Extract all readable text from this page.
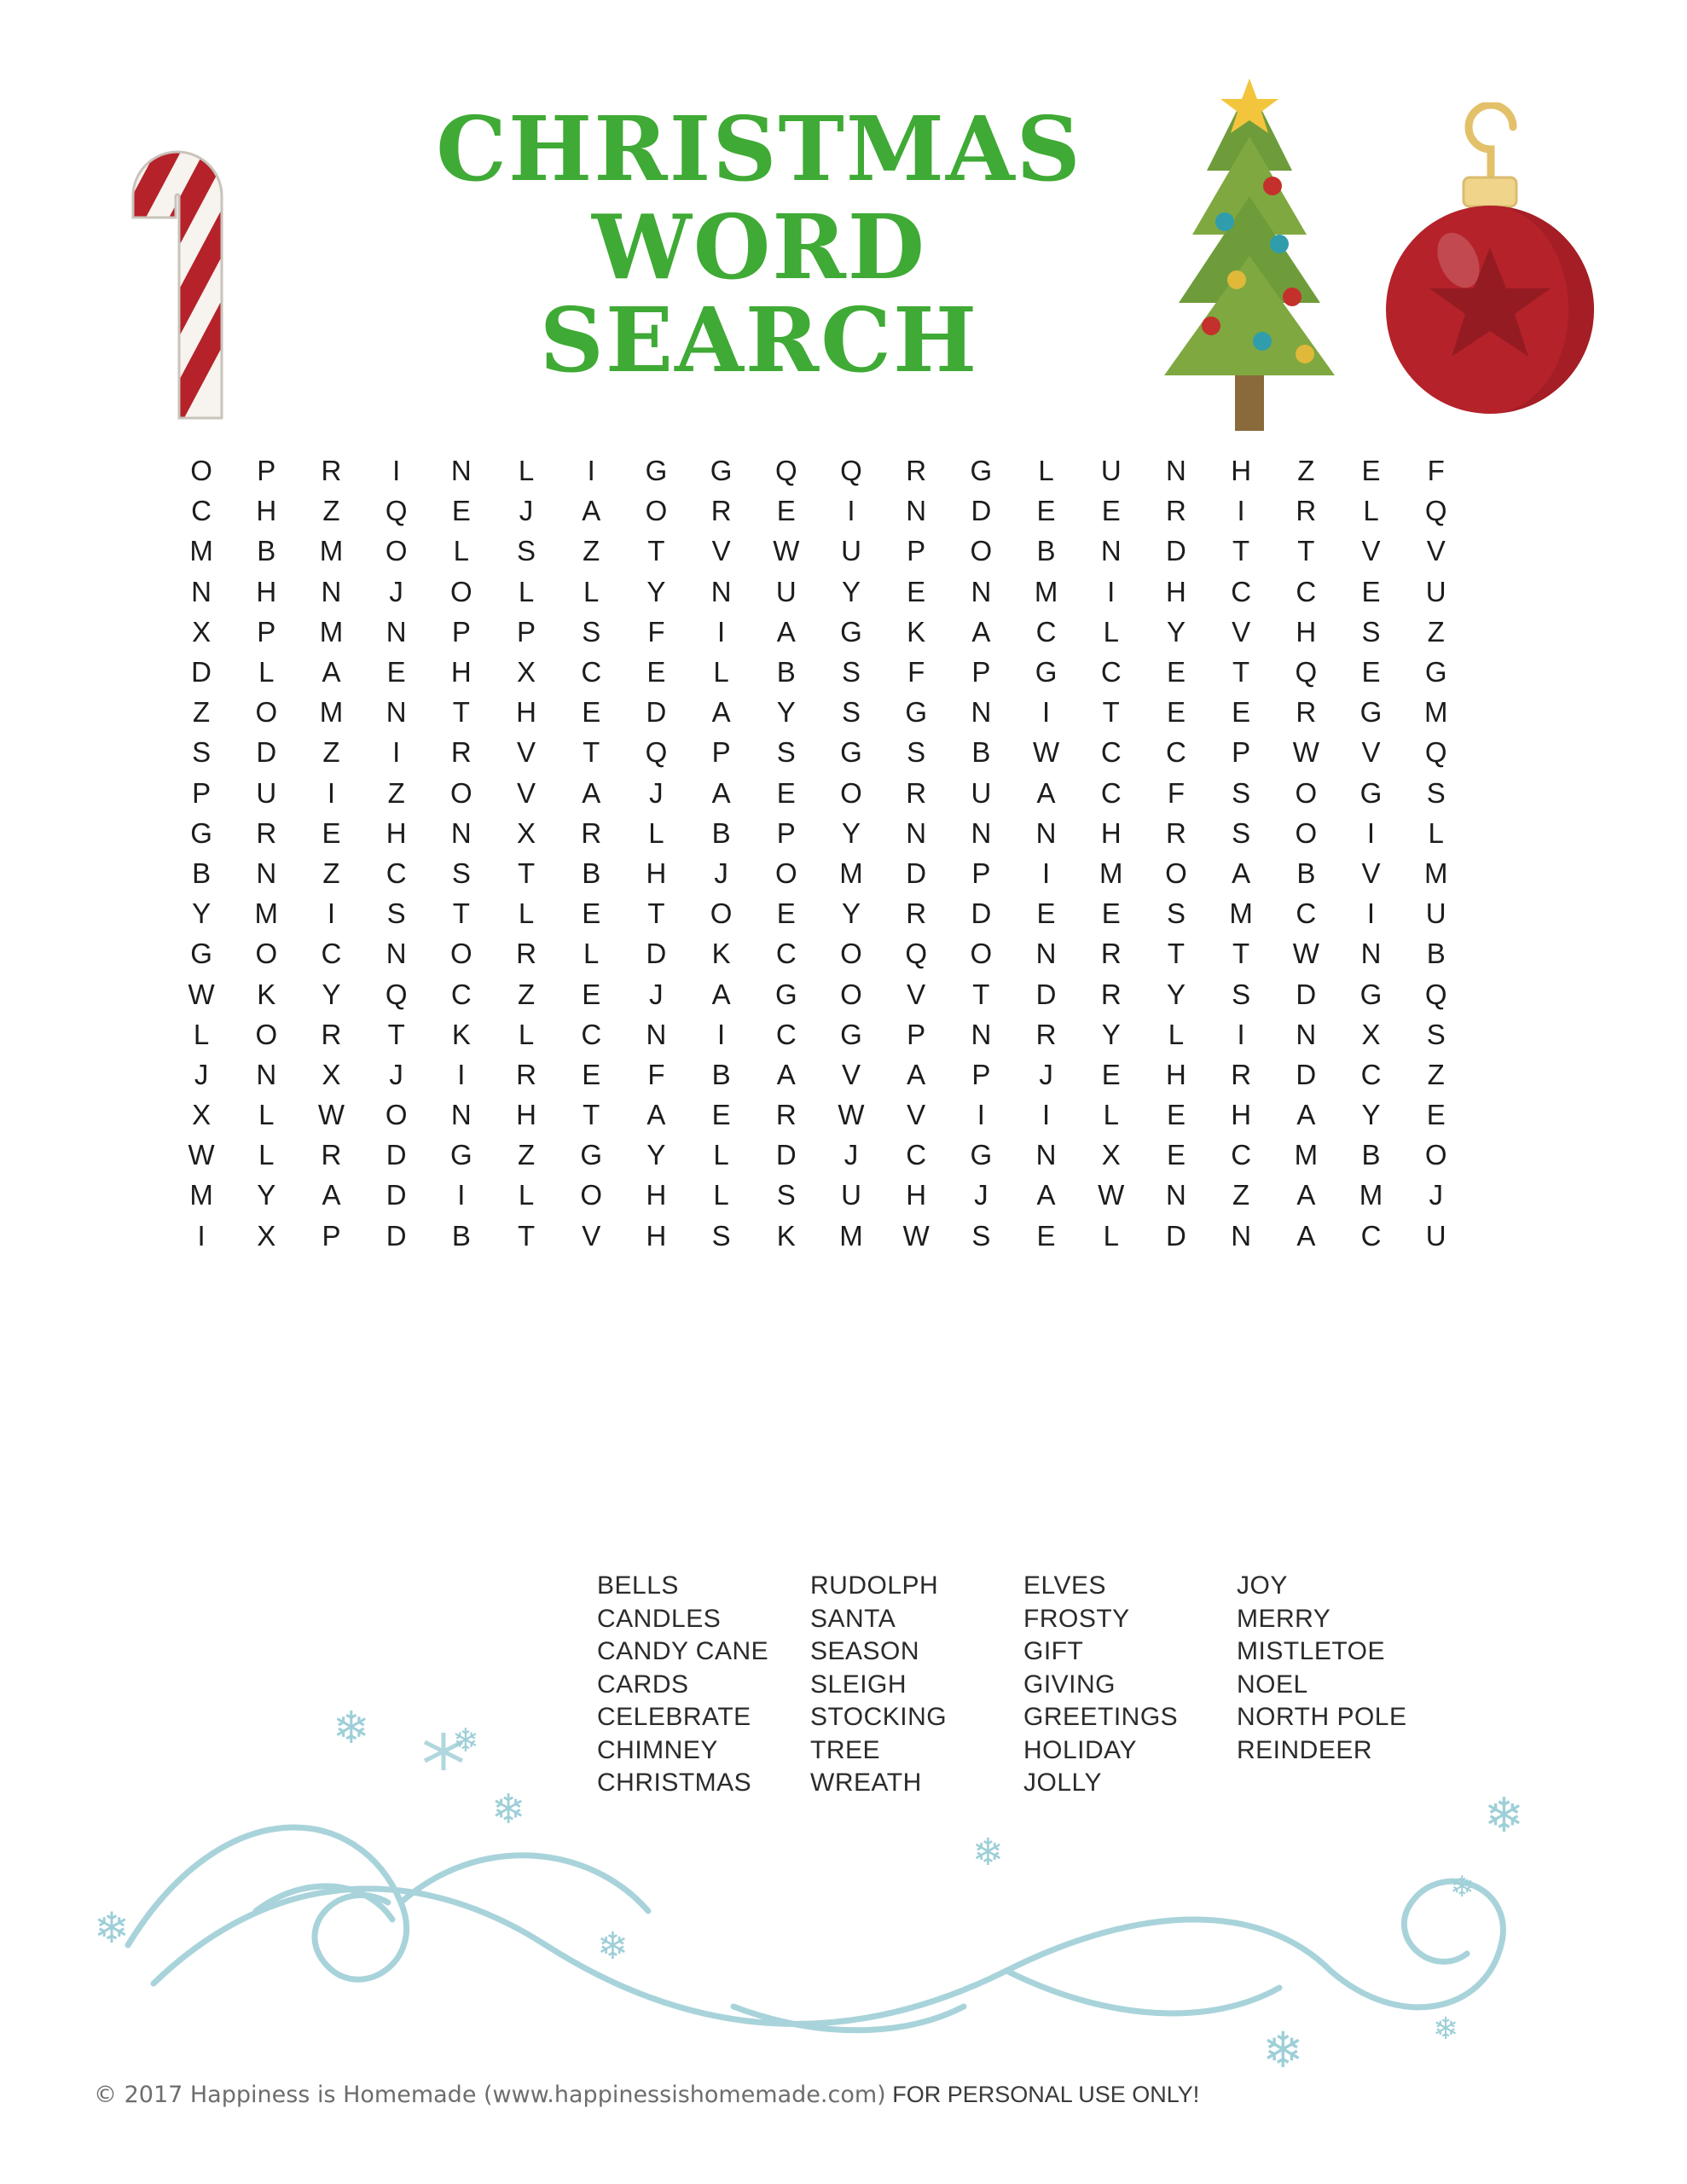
CHRISTMAS
WORD SEARCH
O	P	R	I	N	L	I	G	G	Q	Q	R	G	L	U	N	H	Z	E	F
C	H	Z	Q	E	J	A	O	R	E	I	N	D	E	E	R	I	R	L	Q
M	B	M	O	L	S	Z	T	V	W	U	P	O	B	N	D	T	T	V	V
N	H	N	J	O	L	L	Y	N	U	Y	E	N	M	I	H	C	C	E	U
X	P	M	N	P	P	S	F	I	A	G	K	A	C	L	Y	V	H	S	Z
D	L	A	E	H	X	C	E	L	B	S	F	P	G	C	E	T	Q	E	G
Z	O	M	N	T	H	E	D	A	Y	S	G	N	I	T	E	E	R	G	M
S	D	Z	I	R	V	T	Q	P	S	G	S	B	W	C	C	P	W	V	Q
P	U	I	Z	O	V	A	J	A	E	O	R	U	A	C	F	S	O	G	S
G	R	E	H	N	X	R	L	B	P	Y	N	N	N	H	R	S	O	I	L
B	N	Z	C	S	T	B	H	J	O	M	D	P	I	M	O	A	B	V	M
Y	M	I	S	T	L	E	T	O	E	Y	R	D	E	E	S	M	C	I	U
G	O	C	N	O	R	L	D	K	C	O	Q	O	N	R	T	T	W	N	B
W	K	Y	Q	C	Z	E	J	A	G	O	V	T	D	R	Y	S	D	G	Q
L	O	R	T	K	L	C	N	I	C	G	P	N	R	Y	L	I	N	X	S
J	N	X	J	I	R	E	F	B	A	V	A	P	J	E	H	R	D	C	Z
X	L	W	O	N	H	T	A	E	R	W	V	I	I	L	E	H	A	Y	E
W	L	R	D	G	Z	G	Y	L	D	J	C	G	N	X	E	C	M	B	O
M	Y	A	D	I	L	O	H	L	S	U	H	J	A	W	N	Z	A	M	J
I	X	P	D	B	T	V	H	S	K	M	W	S	E	L	D	N	A	C	U
BELLS
CANDLES
CANDY CANE
CARDS
CELEBRATE
CHIMNEY
CHRISTMAS
RUDOLPH
SANTA
SEASON
SLEIGH
STOCKING
TREE
WREATH
ELVES
FROSTY
GIFT
GIVING
GREETINGS
HOLIDAY
JOLLY
JOY
MERRY
MISTLETOE
NOEL
NORTH POLE
REINDEER
❄	❄
❄
❄
❄
❄
❄	❄
❄	❄
© 2017 Happiness is Homemade (www.happinessishomemade.com) FOR PERSONAL USE ONLY!
